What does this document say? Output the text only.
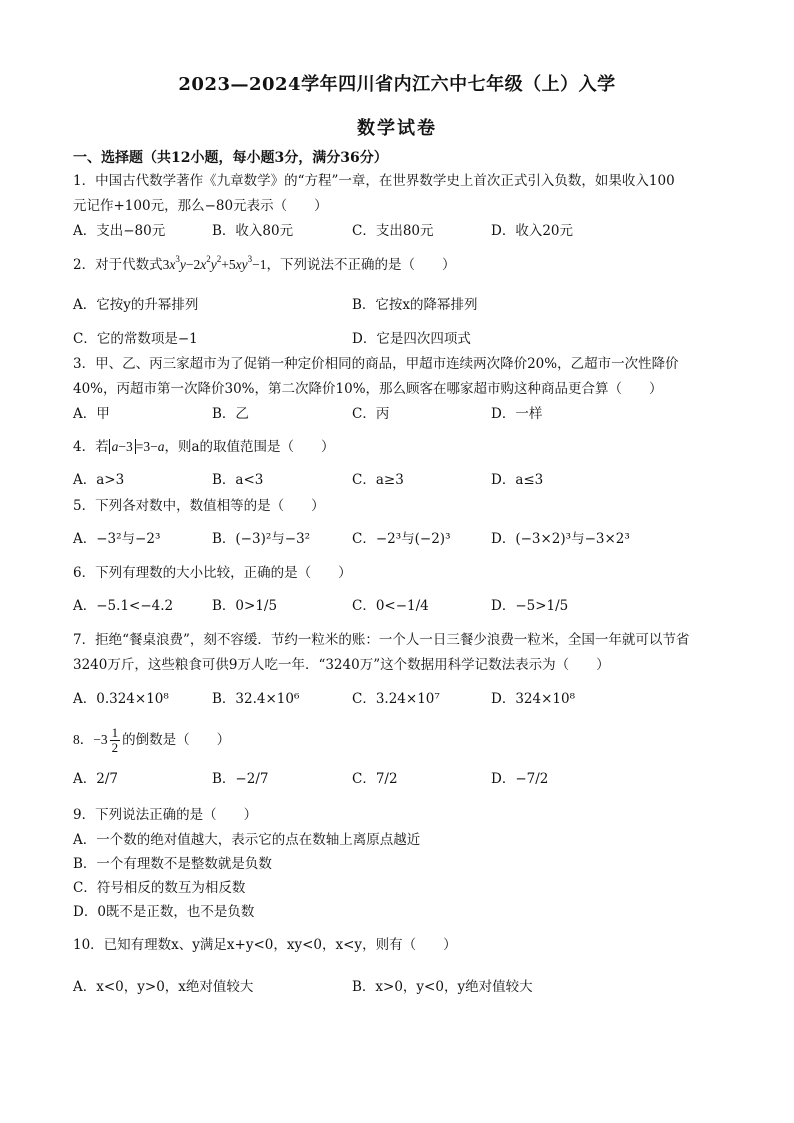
2023—2024学年四川省内江六中七年级（上）入学
数学试卷
一、选择题（共12小题，每小题3分，满分36分）
1．中国古代数学著作《九章数学》的“方程”一章，在世界数学史上首次正式引入负数，如果收入100
元记作+100元，那么−80元表示（　　）
A．支出−80元	B．收入80元	C．支出80元	D．收入20元
2．对于代数式$3x^3y-2x^2y^2+5xy^3-1$，下列说法不正确的是（　　）
A．它按y的升幂排列	B．它按x的降幂排列
C．它的常数项是−1	D．它是四次四项式
3．甲、乙、丙三家超市为了促销一种定价相同的商品，甲超市连续两次降价20%，乙超市一次性降价
40%，丙超市第一次降价30%，第二次降价10%，那么顾客在哪家超市购这种商品更合算（　　）
A．甲	B．乙	C．丙	D．一样
4．若 a−3 =3−a，则a的取值范围是（　　）
A．a>3	B．a<3	C．a≥3	D．a≤3
5．下列各对数中，数值相等的是（　　）
A．−3²与−2³	B．(−3)²与−3²	C．−2³与(−2)³	D．(−3×2)³与−3×2³
6．下列有理数的大小比较，正确的是（　　）
A．−5.1<−4.2	B．0>1/5	C．0<−1/4	D．−5>1/5
7．拒绝“餐桌浪费”，刻不容缓．节约一粒米的账：一个人一日三餐少浪费一粒米，全国一年就可以节省
3240万斤，这些粮食可供9万人吃一年．“3240万”这个数据用科学记数法表示为（　　）
A．0.324×10⁸	B．32.4×10⁶	C．3.24×10⁷	D．324×10⁸
8．$-3 \frac{1}{2}$ 的倒数是（　　）
A．2/7	B．−2/7	C．7/2	D．−7/2
9．下列说法正确的是（　　）
A．一个数的绝对值越大，表示它的点在数轴上离原点越近
B．一个有理数不是整数就是负数
C．符号相反的数互为相反数
D．0既不是正数，也不是负数
10．已知有理数x、y满足x+y<0，xy<0，x<y，则有（　　）
A．x<0，y>0，x绝对值较大	B．x>0，y<0，y绝对值较大
